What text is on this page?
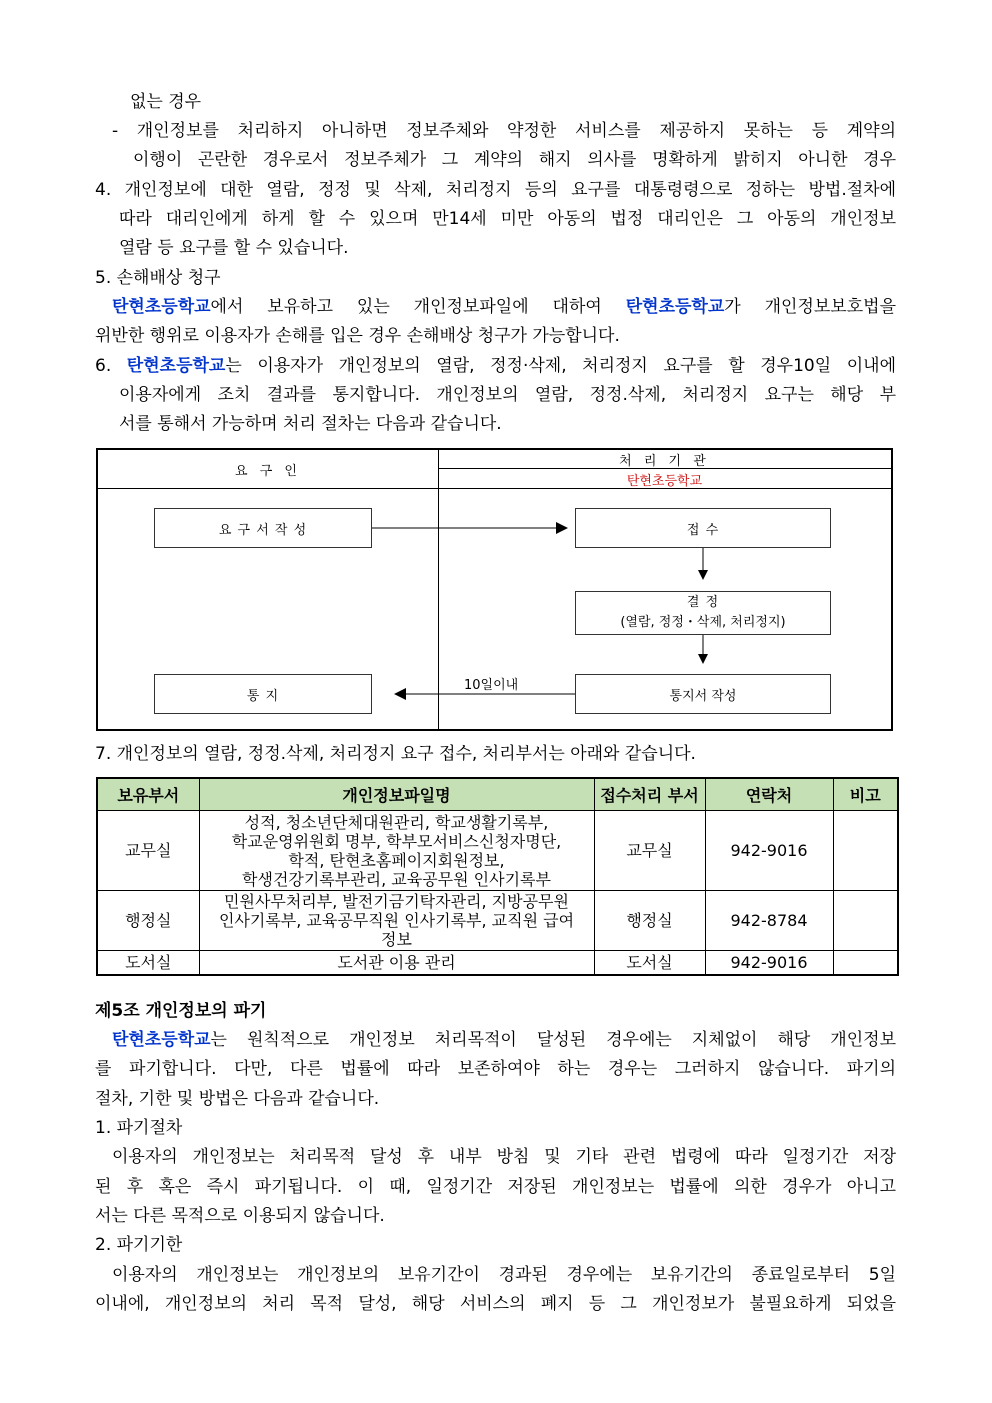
없는 경우
- 개인정보를 처리하지 아니하면 정보주체와 약정한 서비스를 제공하지 못하는 등 계약의
이행이 곤란한 경우로서 정보주체가 그 계약의 해지 의사를 명확하게 밝히지 아니한 경우
4. 개인정보에 대한 열람, 정정 및 삭제, 처리정지 등의 요구를 대통령령으로 정하는 방법.절차에
따라 대리인에게 하게 할 수 있으며 만14세 미만 아동의 법정 대리인은 그 아동의 개인정보
열람 등 요구를 할 수 있습니다.
5. 손해배상 청구
탄현초등학교에서 보유하고 있는 개인정보파일에 대하여 탄현초등학교가 개인정보보호법을
위반한 행위로 이용자가 손해를 입은 경우 손해배상 청구가 가능합니다.
6. 탄현초등학교는 이용자가 개인정보의 열람, 정정·삭제, 처리정지 요구를 할 경우10일 이내에
이용자에게 조치 결과를 통지합니다. 개인정보의 열람, 정정.삭제, 처리정지 요구는 해당 부
서를 통해서 가능하며 처리 절차는 다음과 같습니다.
요 구 인
처 리 기 관
탄현초등학교
요 구 서 작 성	접 수
결 정
(열람, 정정・삭제, 처리정지)
통지서 작성
통 지
10일이내
7. 개인정보의 열람, 정정.삭제, 처리정지 요구 접수, 처리부서는 아래와 같습니다.
보유부서	개인정보파일명	접수처리 부서	연락처	비고
교무실	성적, 청소년단체대원관리, 학교생활기록부,
학교운영위원회 명부, 학부모서비스신청자명단,
학적, 탄현초홈페이지회원정보,
학생건강기록부관리, 교육공무원 인사기록부	교무실	942-9016	
행정실	민원사무처리부, 발전기금기탁자관리, 지방공무원
인사기록부, 교육공무직원 인사기록부, 교직원 급여
정보	행정실	942-8784	
도서실	도서관 이용 관리	도서실	942-9016	
제5조 개인정보의 파기
탄현초등학교는 원칙적으로 개인정보 처리목적이 달성된 경우에는 지체없이 해당 개인정보
를 파기합니다. 다만, 다른 법률에 따라 보존하여야 하는 경우는 그러하지 않습니다. 파기의
절차, 기한 및 방법은 다음과 같습니다.
1. 파기절차
이용자의 개인정보는 처리목적 달성 후 내부 방침 및 기타 관련 법령에 따라 일정기간 저장
된 후 혹은 즉시 파기됩니다. 이 때, 일정기간 저장된 개인정보는 법률에 의한 경우가 아니고
서는 다른 목적으로 이용되지 않습니다.
2. 파기기한
이용자의 개인정보는 개인정보의 보유기간이 경과된 경우에는 보유기간의 종료일로부터 5일
이내에, 개인정보의 처리 목적 달성, 해당 서비스의 폐지 등 그 개인정보가 불필요하게 되었을
